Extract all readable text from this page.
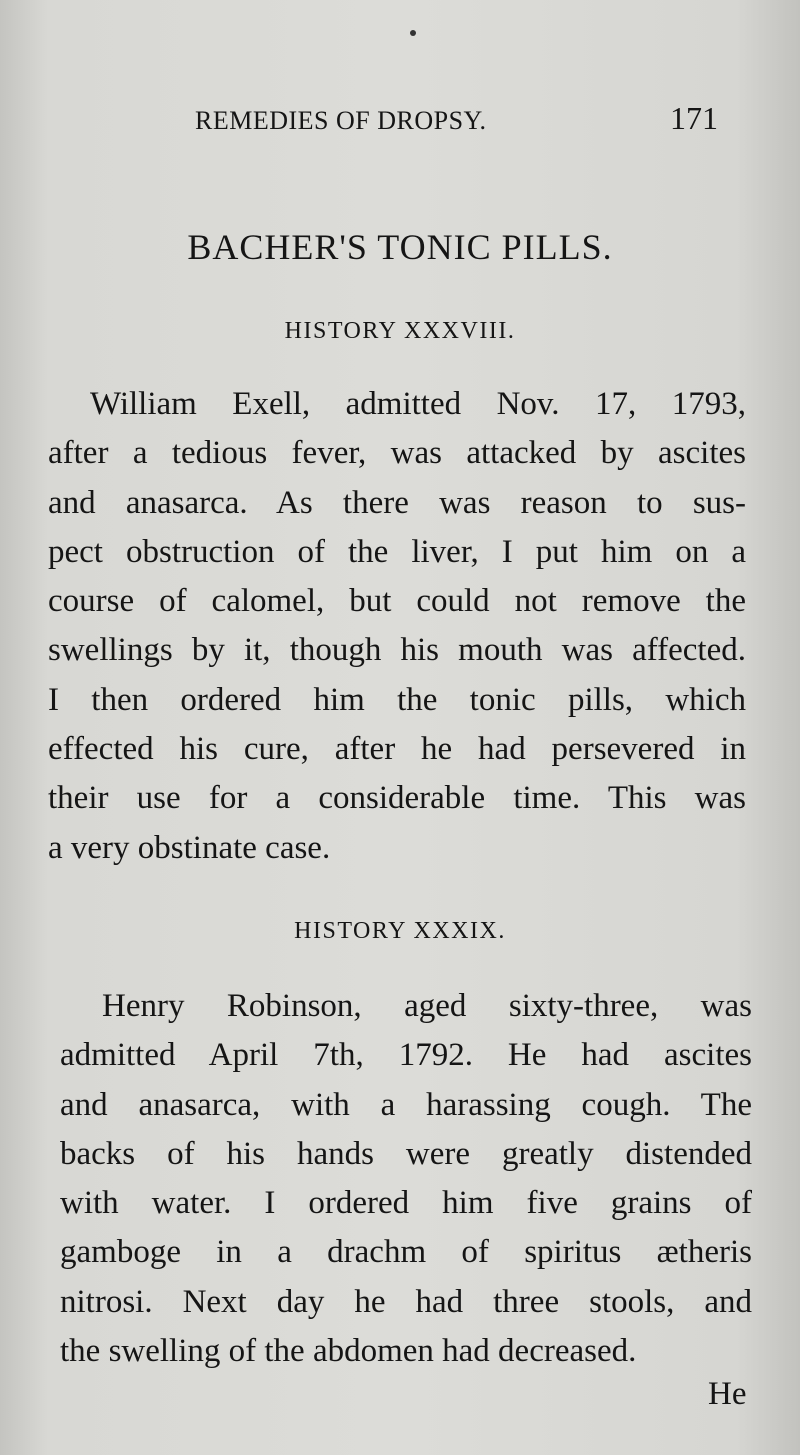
REMEDIES OF DROPSY.	171
BACHER'S TONIC PILLS.
HISTORY XXXVIII.
William Exell, admitted Nov. 17, 1793,
after a tedious fever, was attacked by ascites
and anasarca. As there was reason to sus-
pect obstruction of the liver, I put him on a
course of calomel, but could not remove the
swellings by it, though his mouth was affected.
I then ordered him the tonic pills, which
effected his cure, after he had persevered in
their use for a considerable time. This was
a very obstinate case.
HISTORY XXXIX.
Henry Robinson, aged sixty-three, was
admitted April 7th, 1792. He had ascites
and anasarca, with a harassing cough. The
backs of his hands were greatly distended
with water. I ordered him five grains of
gamboge in a drachm of spiritus ætheris
nitrosi. Next day he had three stools, and
the swelling of the abdomen had decreased.
He
